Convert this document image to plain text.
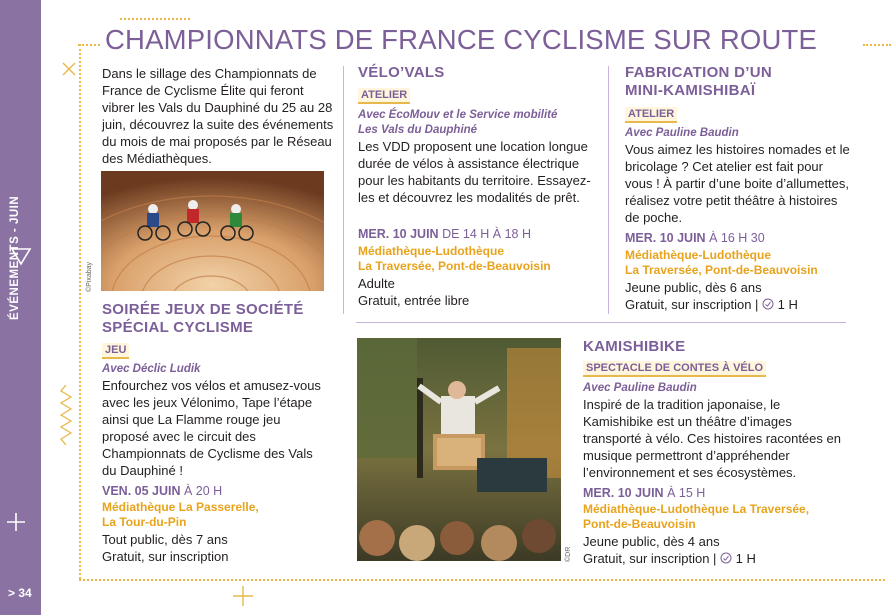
ÉVÉNEMENTS - JUIN
> 34
CHAMPIONNATS DE FRANCE CYCLISME SUR ROUTE
Dans le sillage des Championnats de France de Cyclisme Élite qui feront vibrer les Vals du Dauphiné du 25 au 28 juin, découvrez la suite des événements du mois de mai proposés par le Réseau des Médiathèques.
©Pixabay
SOIRÉE JEUX DE SOCIÉTÉ
SPÉCIAL CYCLISME
JEU
Avec Déclic Ludik
Enfourchez vos vélos et amusez-vous avec les jeux Vélonimo, Tape l’étape ainsi que La Flamme rouge jeu proposé avec le circuit des Championnats de Cyclisme des Vals du Dauphiné !
VEN. 05 JUIN À 20 H
Médiathèque La Passerelle,
La Tour-du-Pin
Tout public, dès 7 ans
Gratuit, sur inscription
VÉLO’VALS
ATELIER
Avec ÉcoMouv et le Service mobilité
Les Vals du Dauphiné
Les VDD proposent une location longue durée de vélos à assistance électrique pour les habitants du territoire. Essayez-les et découvrez les modalités de prêt.
MER. 10 JUIN DE 14 H À 18 H
Médiathèque-Ludothèque
La Traversée, Pont-de-Beauvoisin
Adulte
Gratuit, entrée libre
FABRICATION D’UN
MINI-KAMISHIBAÏ
ATELIER
Avec Pauline Baudin
Vous aimez les histoires nomades et le bricolage ? Cet atelier est fait pour vous ! À partir d’une boite d’allumettes, réalisez votre petit théâtre à histoires de poche.
MER. 10 JUIN À 16 H 30
Médiathèque-Ludothèque
La Traversée, Pont-de-Beauvoisin
Jeune public, dès 6 ans
Gratuit, sur inscription | 1 H
©DR
KAMISHIBIKE
SPECTACLE DE CONTES À VÉLO
Avec Pauline Baudin
Inspiré de la tradition japonaise, le Kamishibike est un théâtre d’images transporté à vélo. Ces histoires racontées en musique permettront d’appréhender l’environnement et ses écosystèmes.
MER. 10 JUIN À 15 H
Médiathèque-Ludothèque La Traversée,
Pont-de-Beauvoisin
Jeune public, dès 4 ans
Gratuit, sur inscription | 1 H
